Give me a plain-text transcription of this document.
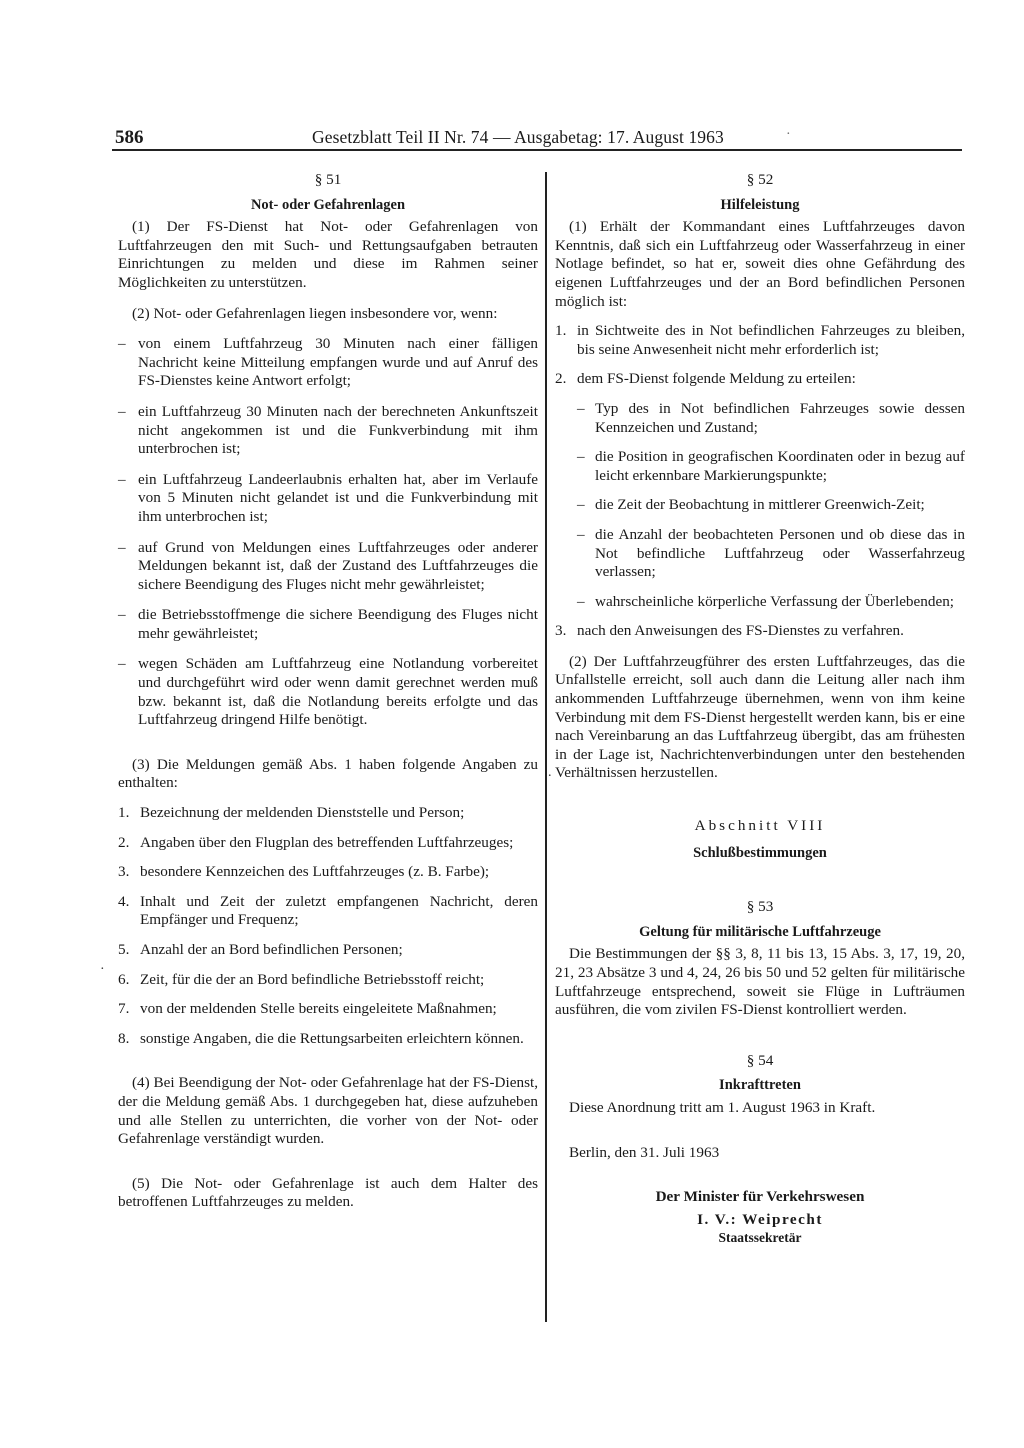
586	Gesetzblatt Teil II Nr. 74 — Ausgabetag: 17. August 1963	·
·
.
§ 51
Not- oder Gefahrenlagen

(1) Der FS-Dienst hat Not- oder Gefahrenlagen von Luftfahrzeugen den mit Such- und Rettungsaufgaben betrauten Einrichtungen zu melden und diese im Rahmen seiner Möglichkeiten zu unterstützen.

(2) Not- oder Gefahrenlagen liegen insbesondere vor, wenn:

– von einem Luftfahrzeug 30 Minuten nach einer fälligen Nachricht keine Mitteilung empfangen wurde und auf Anruf des FS-Dienstes keine Antwort erfolgt;
– ein Luftfahrzeug 30 Minuten nach der berechneten Ankunftszeit nicht angekommen ist und die Funkverbindung mit ihm unterbrochen ist;
– ein Luftfahrzeug Landeerlaubnis erhalten hat, aber im Verlaufe von 5 Minuten nicht gelandet ist und die Funkverbindung mit ihm unterbrochen ist;
– auf Grund von Meldungen eines Luftfahrzeuges oder anderer Meldungen bekannt ist, daß der Zustand des Luftfahrzeuges die sichere Beendigung des Fluges nicht mehr gewährleistet;
– die Betriebsstoffmenge die sichere Beendigung des Fluges nicht mehr gewährleistet;
– wegen Schäden am Luftfahrzeug eine Notlandung vorbereitet und durchgeführt wird oder wenn damit gerechnet werden muß bzw. bekannt ist, daß die Notlandung bereits erfolgte und das Luftfahrzeug dringend Hilfe benötigt.

(3) Die Meldungen gemäß Abs. 1 haben folgende Angaben zu enthalten:

1. Bezeichnung der meldenden Dienststelle und Person;
2. Angaben über den Flugplan des betreffenden Luftfahrzeuges;
3. besondere Kennzeichen des Luftfahrzeuges (z. B. Farbe);
4. Inhalt und Zeit der zuletzt empfangenen Nachricht, deren Empfänger und Frequenz;
5. Anzahl der an Bord befindlichen Personen;
6. Zeit, für die der an Bord befindliche Betriebsstoff reicht;
7. von der meldenden Stelle bereits eingeleitete Maßnahmen;
8. sonstige Angaben, die die Rettungsarbeiten erleichtern können.

(4) Bei Beendigung der Not- oder Gefahrenlage hat der FS-Dienst, der die Meldung gemäß Abs. 1 durchgegeben hat, diese aufzuheben und alle Stellen zu unterrichten, die vorher von der Not- oder Gefahrenlage verständigt wurden.

(5) Die Not- oder Gefahrenlage ist auch dem Halter des betroffenen Luftfahrzeuges zu melden.

§ 52
Hilfeleistung

(1) Erhält der Kommandant eines Luftfahrzeuges davon Kenntnis, daß sich ein Luftfahrzeug oder Wasserfahrzeug in einer Notlage befindet, so hat er, soweit dies ohne Gefährdung des eigenen Luftfahrzeuges und der an Bord befindlichen Personen möglich ist:

1. in Sichtweite des in Not befindlichen Fahrzeuges zu bleiben, bis seine Anwesenheit nicht mehr erforderlich ist;
2. dem FS-Dienst folgende Meldung zu erteilen:
– Typ des in Not befindlichen Fahrzeuges sowie dessen Kennzeichen und Zustand;
– die Position in geografischen Koordinaten oder in bezug auf leicht erkennbare Markierungspunkte;
– die Zeit der Beobachtung in mittlerer Greenwich-Zeit;
– die Anzahl der beobachteten Personen und ob diese das in Not befindliche Luftfahrzeug oder Wasserfahrzeug verlassen;
– wahrscheinliche körperliche Verfassung der Überlebenden;
3. nach den Anweisungen des FS-Dienstes zu verfahren.

(2) Der Luftfahrzeugführer des ersten Luftfahrzeuges, das die Unfallstelle erreicht, soll auch dann die Leitung aller nach ihm ankommenden Luftfahrzeuge übernehmen, wenn von ihm keine Verbindung mit dem FS-Dienst hergestellt werden kann, bis er eine nach Vereinbarung an das Luftfahrzeug übergibt, das am frühesten in der Lage ist, Nachrichtenverbindungen unter den bestehenden Verhältnissen herzustellen.

Abschnitt VIII
Schlußbestimmungen
§ 53
Geltung für militärische Luftfahrzeuge

Die Bestimmungen der §§ 3, 8, 11 bis 13, 15 Abs. 3, 17, 19, 20, 21, 23 Absätze 3 und 4, 24, 26 bis 50 und 52 gelten für militärische Luftfahrzeuge entsprechend, soweit sie Flüge in Lufträumen ausführen, die vom zivilen FS-Dienst kontrolliert werden.

§ 54
Inkrafttreten

Diese Anordnung tritt am 1. August 1963 in Kraft.

Berlin, den 31. Juli 1963

Der Minister für Verkehrswesen
I. V.: Weiprecht
Staatssekretär
